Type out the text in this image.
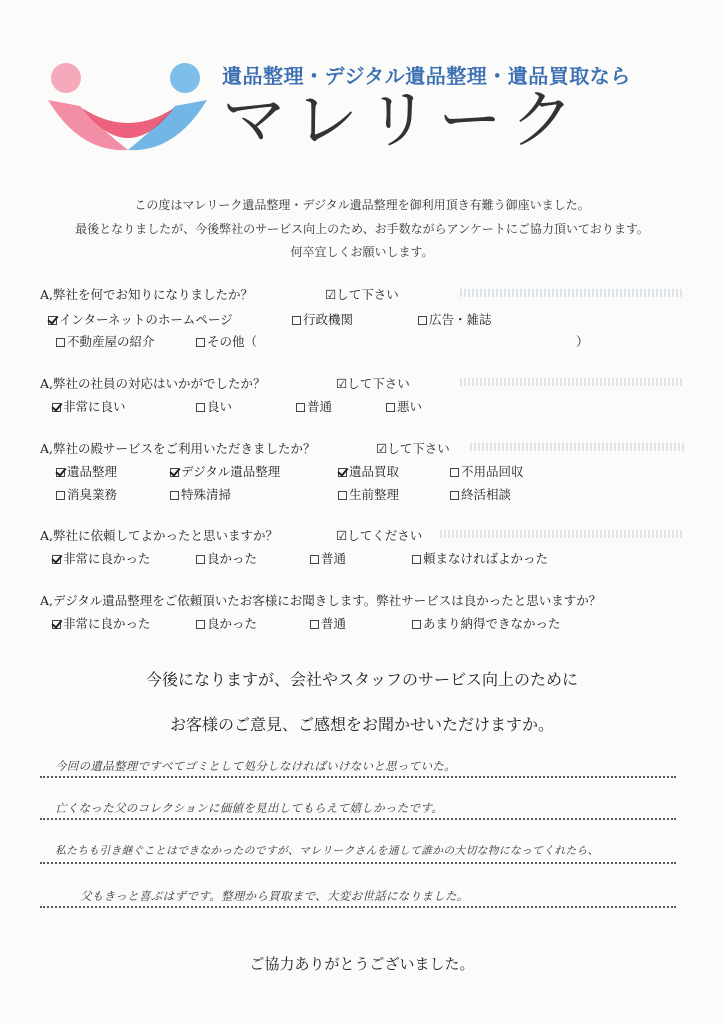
遺品整理・デジタル遺品整理・遺品買取なら
マレリーク
この度はマレリーク遺品整理・デジタル遺品整理を御利用頂き有難う御座いました。
最後となりましたが、今後弊社のサービス向上のため、お手数ながらアンケートにご協力頂いております。
何卒宜しくお願いします。
A,弊社を何でお知りになりましたか？	☑して下さい
インターネットのホームページ	行政機関	広告・雑誌
不動産屋の紹介	その他（	）
A,弊社の社員の対応はいかがでしたか？	☑して下さい
非常に良い	良い	普通	悪い
A,弊社の殿サービスをご利用いただきましたか？	☑して下さい
遺品整理	デジタル遺品整理	遺品買取	不用品回収
消臭業務	特殊清掃	生前整理	終活相談
A,弊社に依頼してよかったと思いますか？	☑してください
非常に良かった	良かった	普通	頼まなければよかった
A,デジタル遺品整理をご依頼頂いたお客様にお聞きします。弊社サービスは良かったと思いますか？
非常に良かった	良かった	普通	あまり納得できなかった
今後になりますが、会社やスタッフのサービス向上のために
お客様のご意見、ご感想をお聞かせいただけますか。
今回の遺品整理ですべてゴミとして処分しなければいけないと思っていた。
亡くなった父のコレクションに価値を見出してもらえて嬉しかったです。
私たちも引き継ぐことはできなかったのですが、マレリークさんを通して誰かの大切な物になってくれたら、
父もきっと喜ぶはずです。整理から買取まで、大変お世話になりました。
ご協力ありがとうございました。
